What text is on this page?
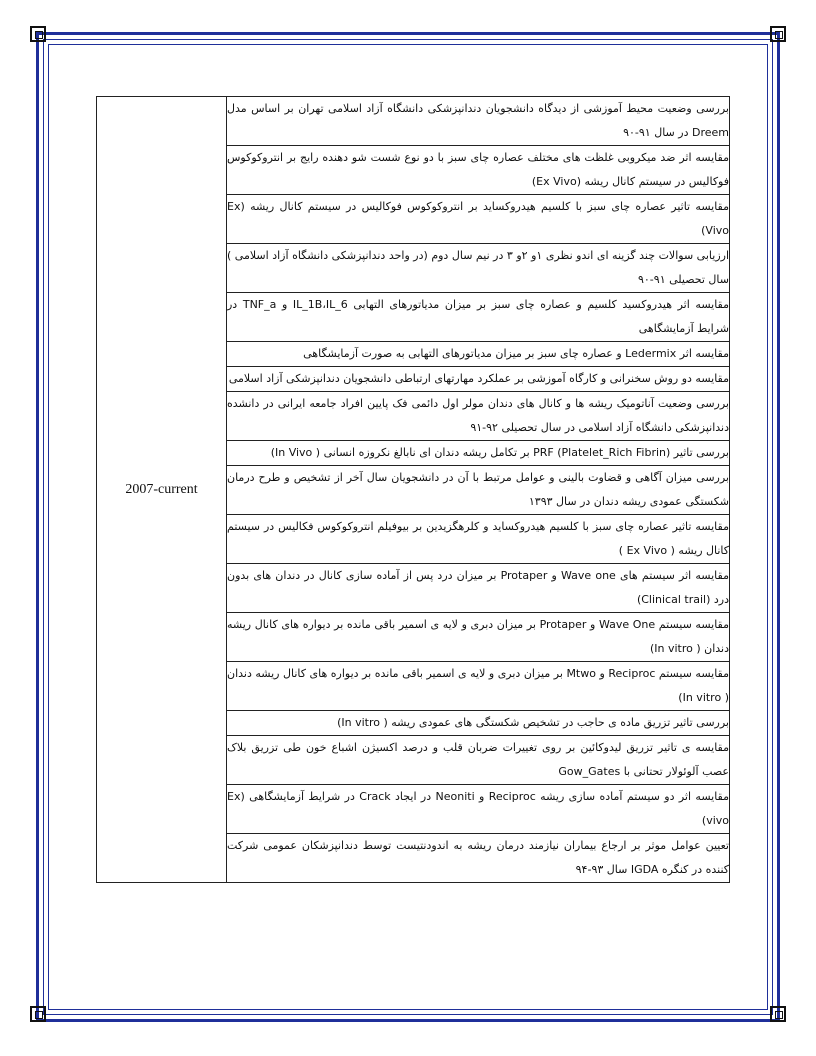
2007-current	بررسی وضعیت محیط آموزشی از دیدگاه دانشجویان دندانپزشکی دانشگاه آزاد اسلامی تهران بر اساس مدل Dreem در سال ۹۱-۹۰
مقایسه اثر ضد میکروبی غلظت های مختلف عصاره چای سبز با دو نوع شست شو دهنده رایج بر انتروکوکوس فوکالیس در سیستم کانال ریشه (Ex Vivo)
مقایسه تاثیر عصاره چای سبز با کلسیم هیدروکساید بر انتروکوکوس فوکالیس در سیستم کانال ریشه (Ex Vivo)
ارزیابی سوالات چند گزینه ای اندو نظری ۱و ۲و ۳ در نیم سال دوم (در واحد دندانپزشکی دانشگاه آزاد اسلامی ) سال تحصیلی ۹۱-۹۰
مقایسه اثر هیدروکسید کلسیم و عصاره چای سبز بر میزان مدیاتورهای التهابی IL_1B،IL_6 و TNF_a در شرایط آزمایشگاهی
مقایسه اثر Ledermix و عصاره چای سبز بر میزان مدیاتورهای التهابی به صورت آزمایشگاهی
مقایسه دو روش سخنرانی و کارگاه آموزشی بر عملکرد مهارتهای ارتباطی دانشجویان دندانپزشکی آزاد اسلامی
بررسی وضعیت آناتومیک ریشه ها و کانال های دندان مولر اول دائمی فک پایین افراد جامعه ایرانی در دانشده دندانپزشکی دانشگاه آزاد اسلامی در سال تحصیلی ۹۲-۹۱
بررسی تاثیر PRF (Platelet_Rich Fibrin) بر تکامل ریشه دندان ای نابالغ نکروزه انسانی ( In Vivo)
بررسی میزان آگاهی و قضاوت بالینی و عوامل مرتبط با آن در دانشجویان سال آخر از تشخیص و طرح درمان شکستگی عمودی ریشه دندان در سال ۱۳۹۳
مقایسه تاثیر عصاره چای سبز با کلسیم هیدروکساید و کلرهگزیدین بر بیوفیلم انتروکوکوس فکالیس در سیستم کانال ریشه ( Ex Vivo )
مقایسه اثر سیستم های Wave one و Protaper بر میزان درد پس از آماده سازی کانال در دندان های بدون درد (Clinical trail)
مقایسه سیستم Wave One و Protaper بر میزان دبری و لایه ی اسمیر باقی مانده بر دیواره های کانال ریشه دندان ( In vitro)
مقایسه سیستم Reciproc و Mtwo بر میزان دبری و لایه ی اسمیر باقی مانده بر دیواره های کانال ریشه دندان ( In vitro)
بررسی تاثیر تزریق ماده ی حاجب در تشخیص شکستگی های عمودی ریشه ( In vitro)
مقایسه ی تاثیر تزریق لیدوکائین بر روی تغییرات ضربان قلب و درصد اکسیژن اشباع خون طی تزریق بلاک عصب آلوئولار تحتانی با Gow_Gates
مقایسه اثر دو سیستم آماده سازی ریشه Reciproc و Neoniti در ایجاد Crack در شرایط آزمایشگاهی (Ex vivo)
تعیین عوامل موثر بر ارجاع بیماران نیازمند درمان ریشه به اندودنتیست توسط دندانپزشکان عمومی شرکت کننده در کنگره IGDA سال ۹۳-۹۴
